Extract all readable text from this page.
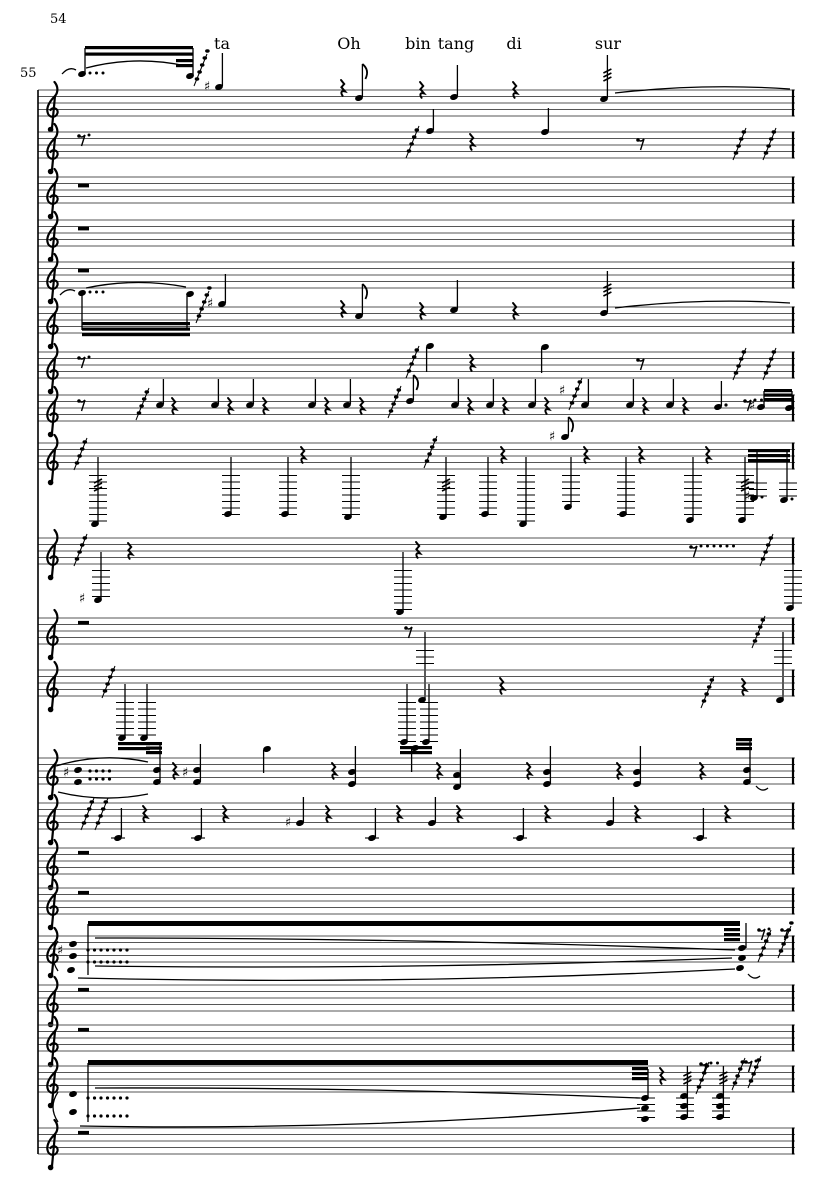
54
55
ta	Oh	bin tang di	sur
♯
♯
♯
♯
♯
♯
♯
♯	♯
♯
♯
